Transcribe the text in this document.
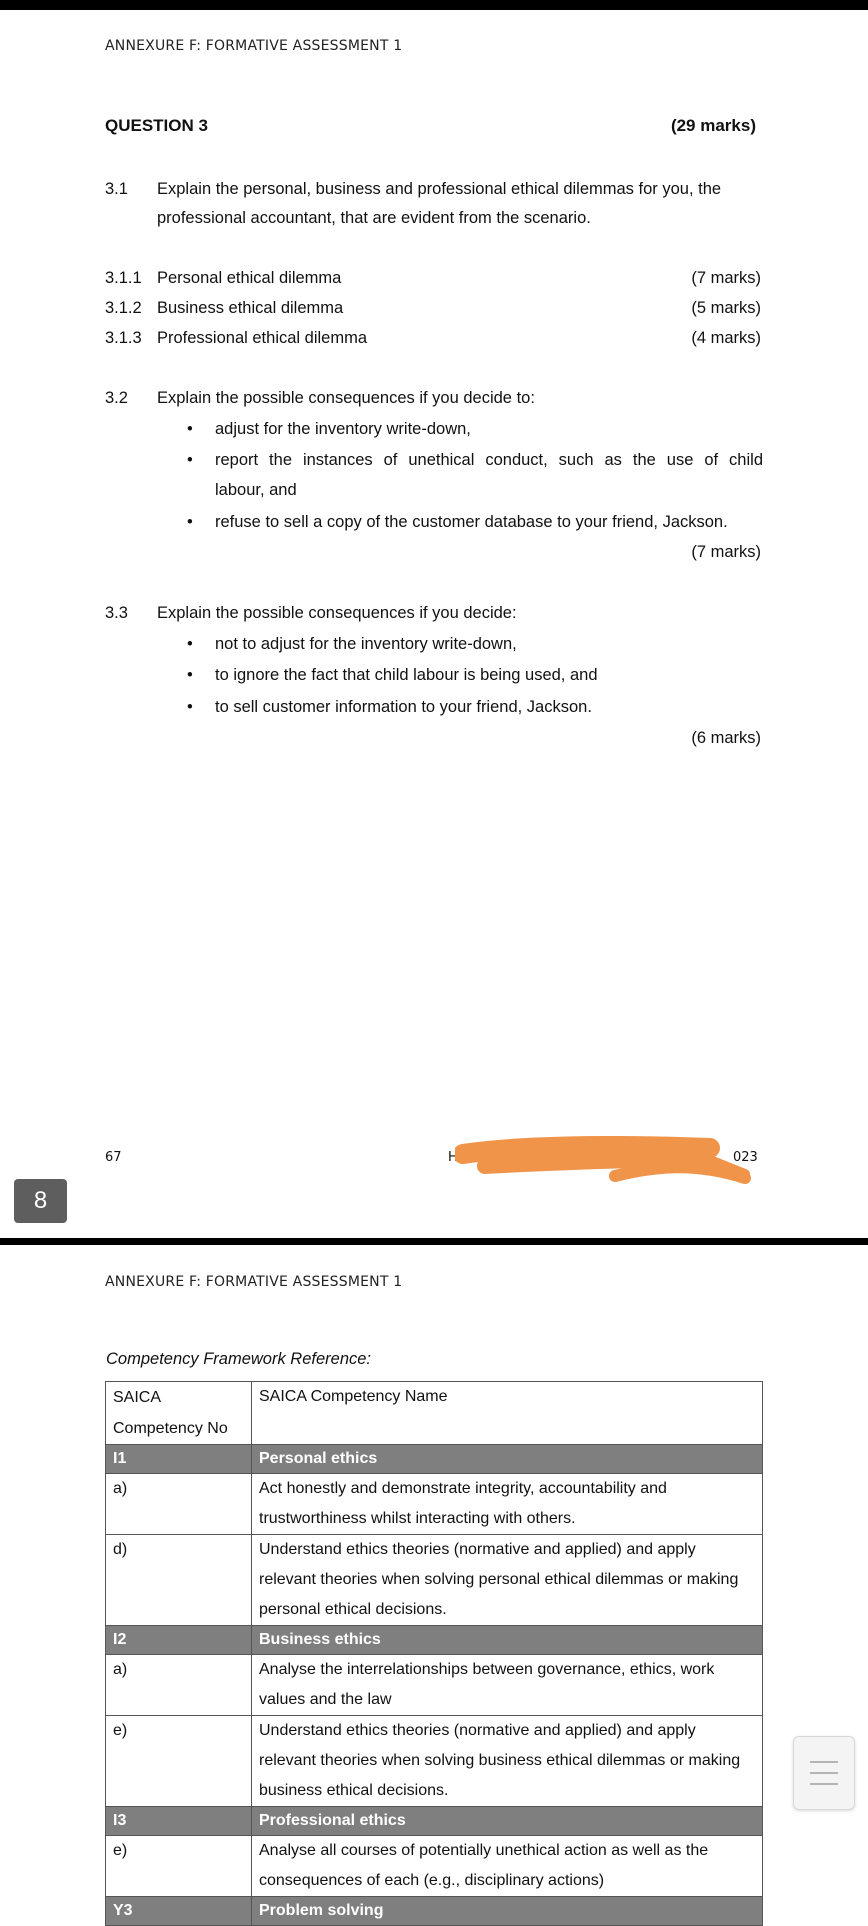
ANNEXURE F: FORMATIVE ASSESSMENT 1
QUESTION 3	(29 marks)
3.1 Explain the personal, business and professional ethical dilemmas for you, the
professional accountant, that are evident from the scenario.
3.1.1 Personal ethical dilemma	(7 marks)
3.1.2 Business ethical dilemma	(5 marks)
3.1.3 Professional ethical dilemma	(4 marks)
3.2 Explain the possible consequences if you decide to:
• adjust for the inventory write-down,
• report the instances of unethical conduct, such as the use of child
labour, and
• refuse to sell a copy of the customer database to your friend, Jackson.
(7 marks)
3.3 Explain the possible consequences if you decide:
• not to adjust for the inventory write-down,
• to ignore the fact that child labour is being used, and
• to sell customer information to your friend, Jackson.
(6 marks)
67	HE	023
8
ANNEXURE F: FORMATIVE ASSESSMENT 1
Competency Framework Reference:
SAICA
Competency No	SAICA Competency Name
I1	Personal ethics
a)	Act honestly and demonstrate integrity, accountability and trustworthiness whilst interacting with others.
d)	Understand ethics theories (normative and applied) and apply relevant theories when solving personal ethical dilemmas or making personal ethical decisions.
I2	Business ethics
a)	Analyse the interrelationships between governance, ethics, work values and the law
e)	Understand ethics theories (normative and applied) and apply relevant theories when solving business ethical dilemmas or making business ethical decisions.
I3	Professional ethics
e)	Analyse all courses of potentially unethical action as well as the consequences of each (e.g., disciplinary actions)
Y3	Problem solving
